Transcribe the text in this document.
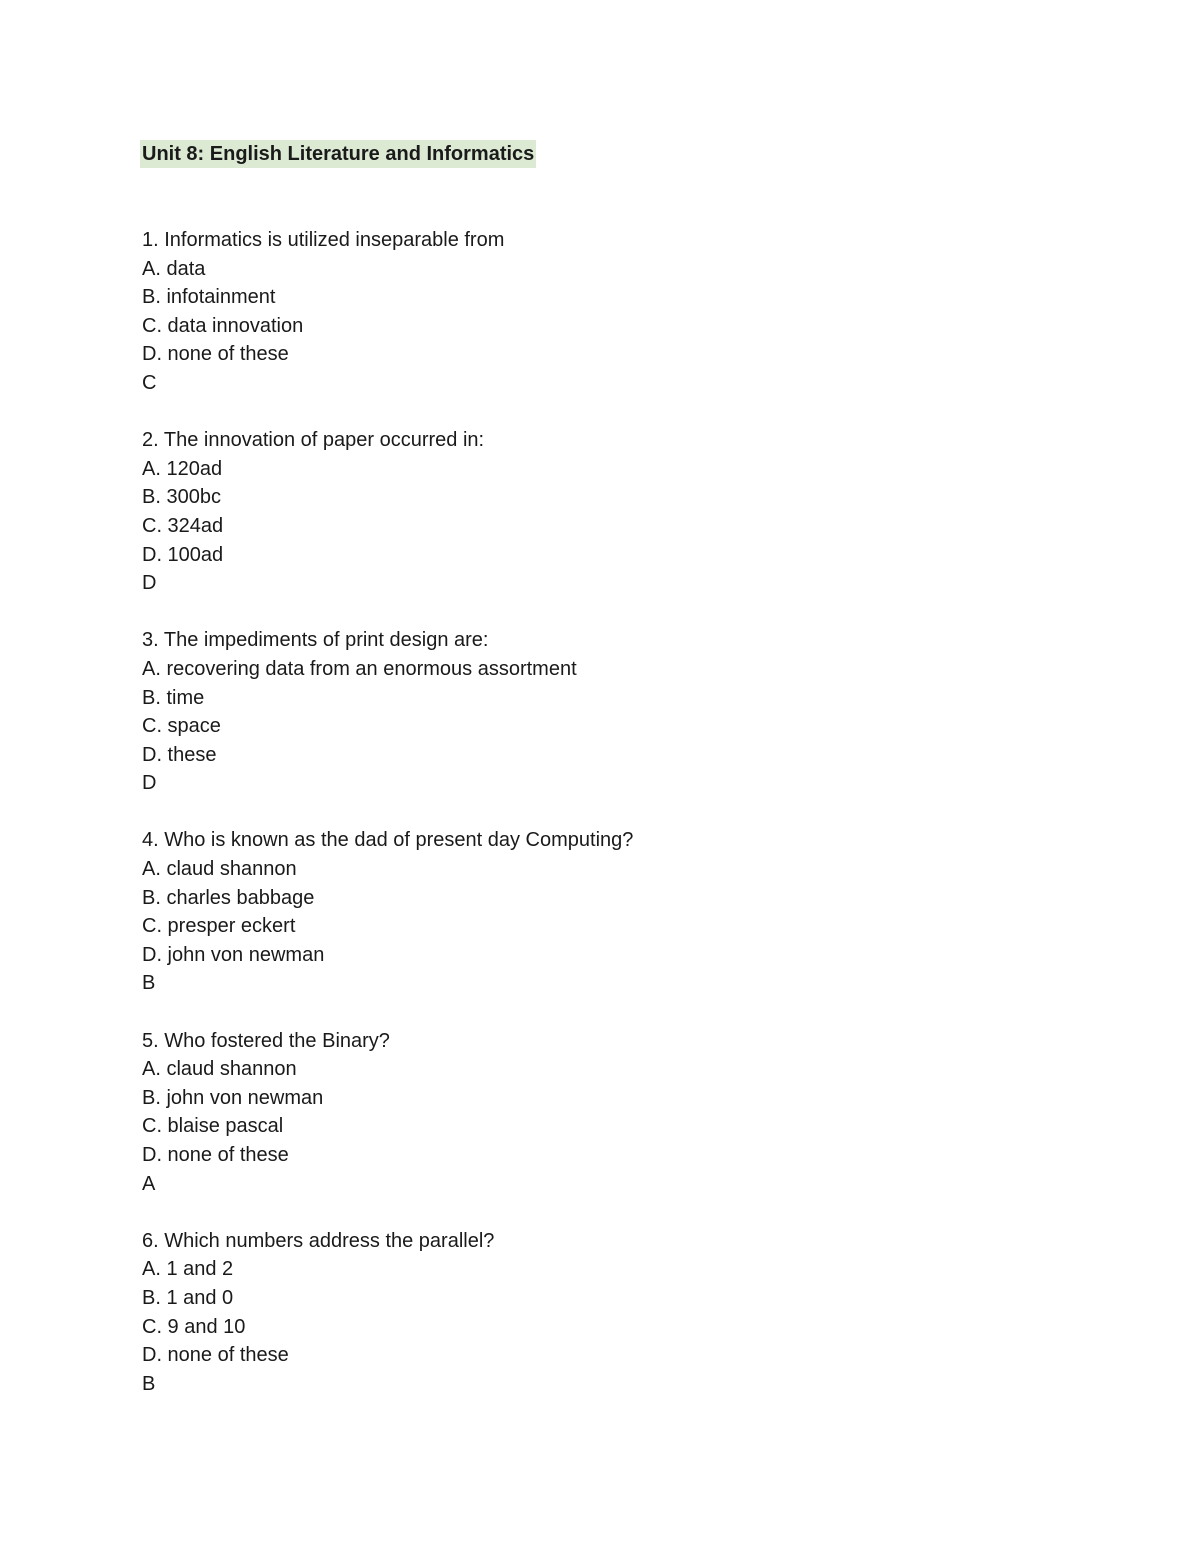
Unit 8: English Literature and Informatics
1. Informatics is utilized inseparable from
A. data
B. infotainment
C. data innovation
D. none of these
C
2. The innovation of paper occurred in:
A. 120ad
B. 300bc
C. 324ad
D. 100ad
D
3. The impediments of print design are:
A. recovering data from an enormous assortment
B. time
C. space
D. these
D
4. Who is known as the dad of present day Computing?
A. claud shannon
B. charles babbage
C. presper eckert
D. john von newman
B
5. Who fostered the Binary?
A. claud shannon
B. john von newman
C. blaise pascal
D. none of these
A
6. Which numbers address the parallel?
A. 1 and 2
B. 1 and 0
C. 9 and 10
D. none of these
B
